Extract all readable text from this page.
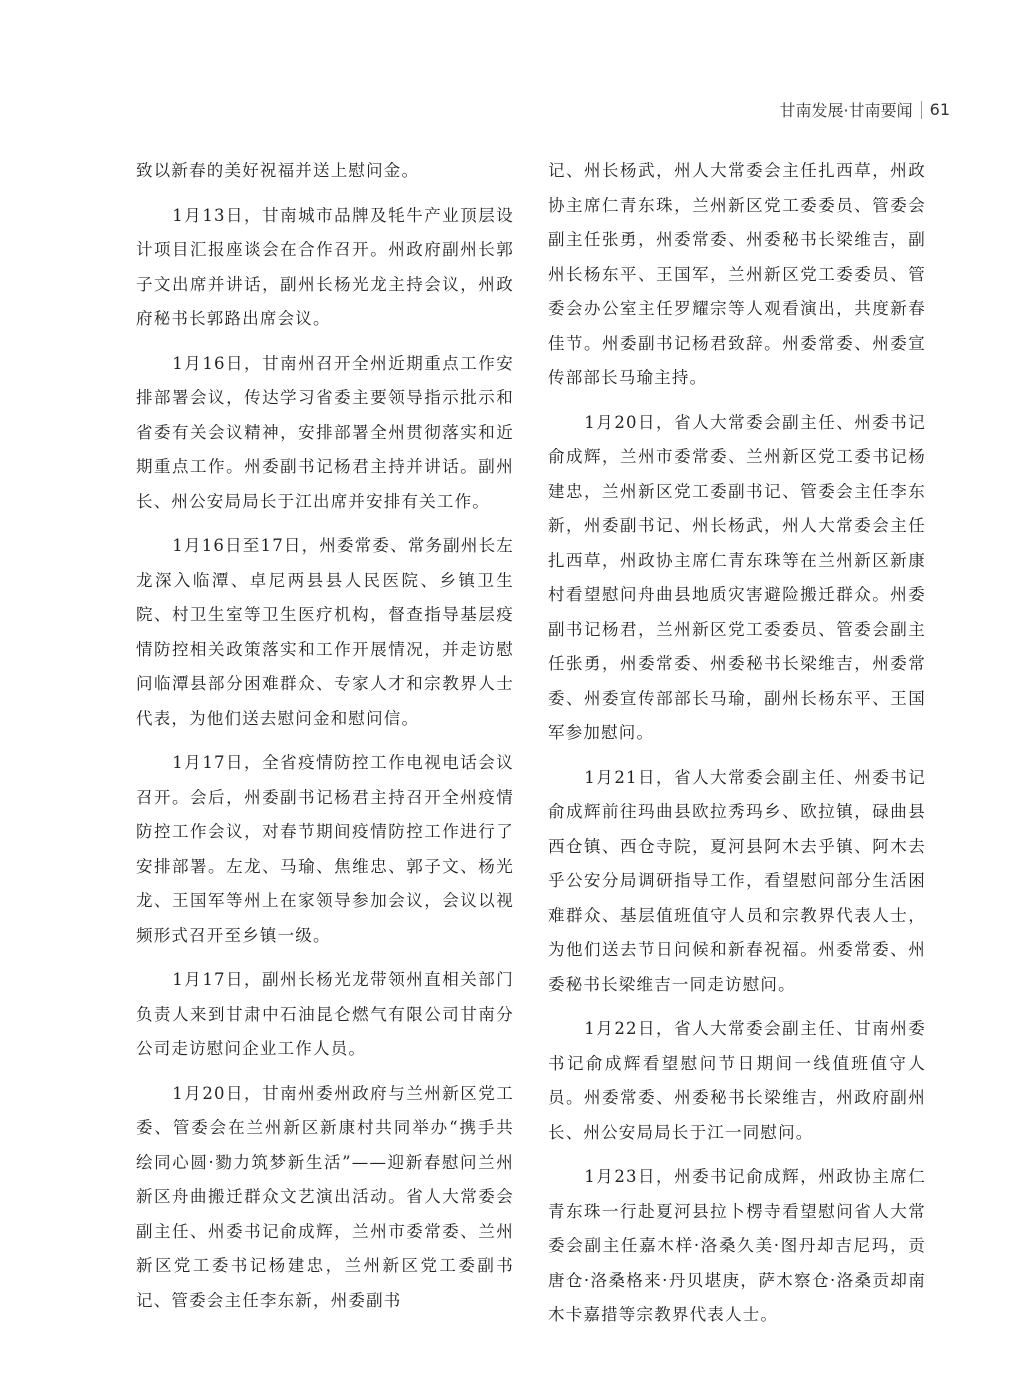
甘南发展·甘南要闻 61

致以新春的美好祝福并送上慰问金。

1月13日，甘南城市品牌及牦牛产业顶层设计项目汇报座谈会在合作召开。州政府副州长郭子文出席并讲话，副州长杨光龙主持会议，州政府秘书长郭路出席会议。

1月16日，甘南州召开全州近期重点工作安排部署会议，传达学习省委主要领导指示批示和省委有关会议精神，安排部署全州贯彻落实和近期重点工作。州委副书记杨君主持并讲话。副州长、州公安局局长于江出席并安排有关工作。

1月16日至17日，州委常委、常务副州长左龙深入临潭、卓尼两县县人民医院、乡镇卫生院、村卫生室等卫生医疗机构，督查指导基层疫情防控相关政策落实和工作开展情况，并走访慰问临潭县部分困难群众、专家人才和宗教界人士代表，为他们送去慰问金和慰问信。

1月17日，全省疫情防控工作电视电话会议召开。会后，州委副书记杨君主持召开全州疫情防控工作会议，对春节期间疫情防控工作进行了安排部署。左龙、马瑜、焦维忠、郭子文、杨光龙、王国军等州上在家领导参加会议，会议以视频形式召开至乡镇一级。

1月17日，副州长杨光龙带领州直相关部门负责人来到甘肃中石油昆仑燃气有限公司甘南分公司走访慰问企业工作人员。

1月20日，甘南州委州政府与兰州新区党工委、管委会在兰州新区新康村共同举办“携手共绘同心圆·勠力筑梦新生活”——迎新春慰问兰州新区舟曲搬迁群众文艺演出活动。省人大常委会副主任、州委书记俞成辉，兰州市委常委、兰州新区党工委书记杨建忠，兰州新区党工委副书记、管委会主任李东新，州委副书

记、州长杨武，州人大常委会主任扎西草，州政协主席仁青东珠，兰州新区党工委委员、管委会副主任张勇，州委常委、州委秘书长梁维吉，副州长杨东平、王国军，兰州新区党工委委员、管委会办公室主任罗耀宗等人观看演出，共度新春佳节。州委副书记杨君致辞。州委常委、州委宣传部部长马瑜主持。

1月20日，省人大常委会副主任、州委书记俞成辉，兰州市委常委、兰州新区党工委书记杨建忠，兰州新区党工委副书记、管委会主任李东新，州委副书记、州长杨武，州人大常委会主任扎西草，州政协主席仁青东珠等在兰州新区新康村看望慰问舟曲县地质灾害避险搬迁群众。州委副书记杨君，兰州新区党工委委员、管委会副主任张勇，州委常委、州委秘书长梁维吉，州委常委、州委宣传部部长马瑜，副州长杨东平、王国军参加慰问。

1月21日，省人大常委会副主任、州委书记俞成辉前往玛曲县欧拉秀玛乡、欧拉镇，碌曲县西仓镇、西仓寺院，夏河县阿木去乎镇、阿木去乎公安分局调研指导工作，看望慰问部分生活困难群众、基层值班值守人员和宗教界代表人士，为他们送去节日问候和新春祝福。州委常委、州委秘书长梁维吉一同走访慰问。

1月22日，省人大常委会副主任、甘南州委书记俞成辉看望慰问节日期间一线值班值守人员。州委常委、州委秘书长梁维吉，州政府副州长、州公安局局长于江一同慰问。

1月23日，州委书记俞成辉，州政协主席仁青东珠一行赴夏河县拉卜楞寺看望慰问省人大常委会副主任嘉木样·洛桑久美·图丹却吉尼玛，贡唐仓·洛桑格来·丹贝堪庚，萨木察仓·洛桑贡却南木卡嘉措等宗教界代表人士。
